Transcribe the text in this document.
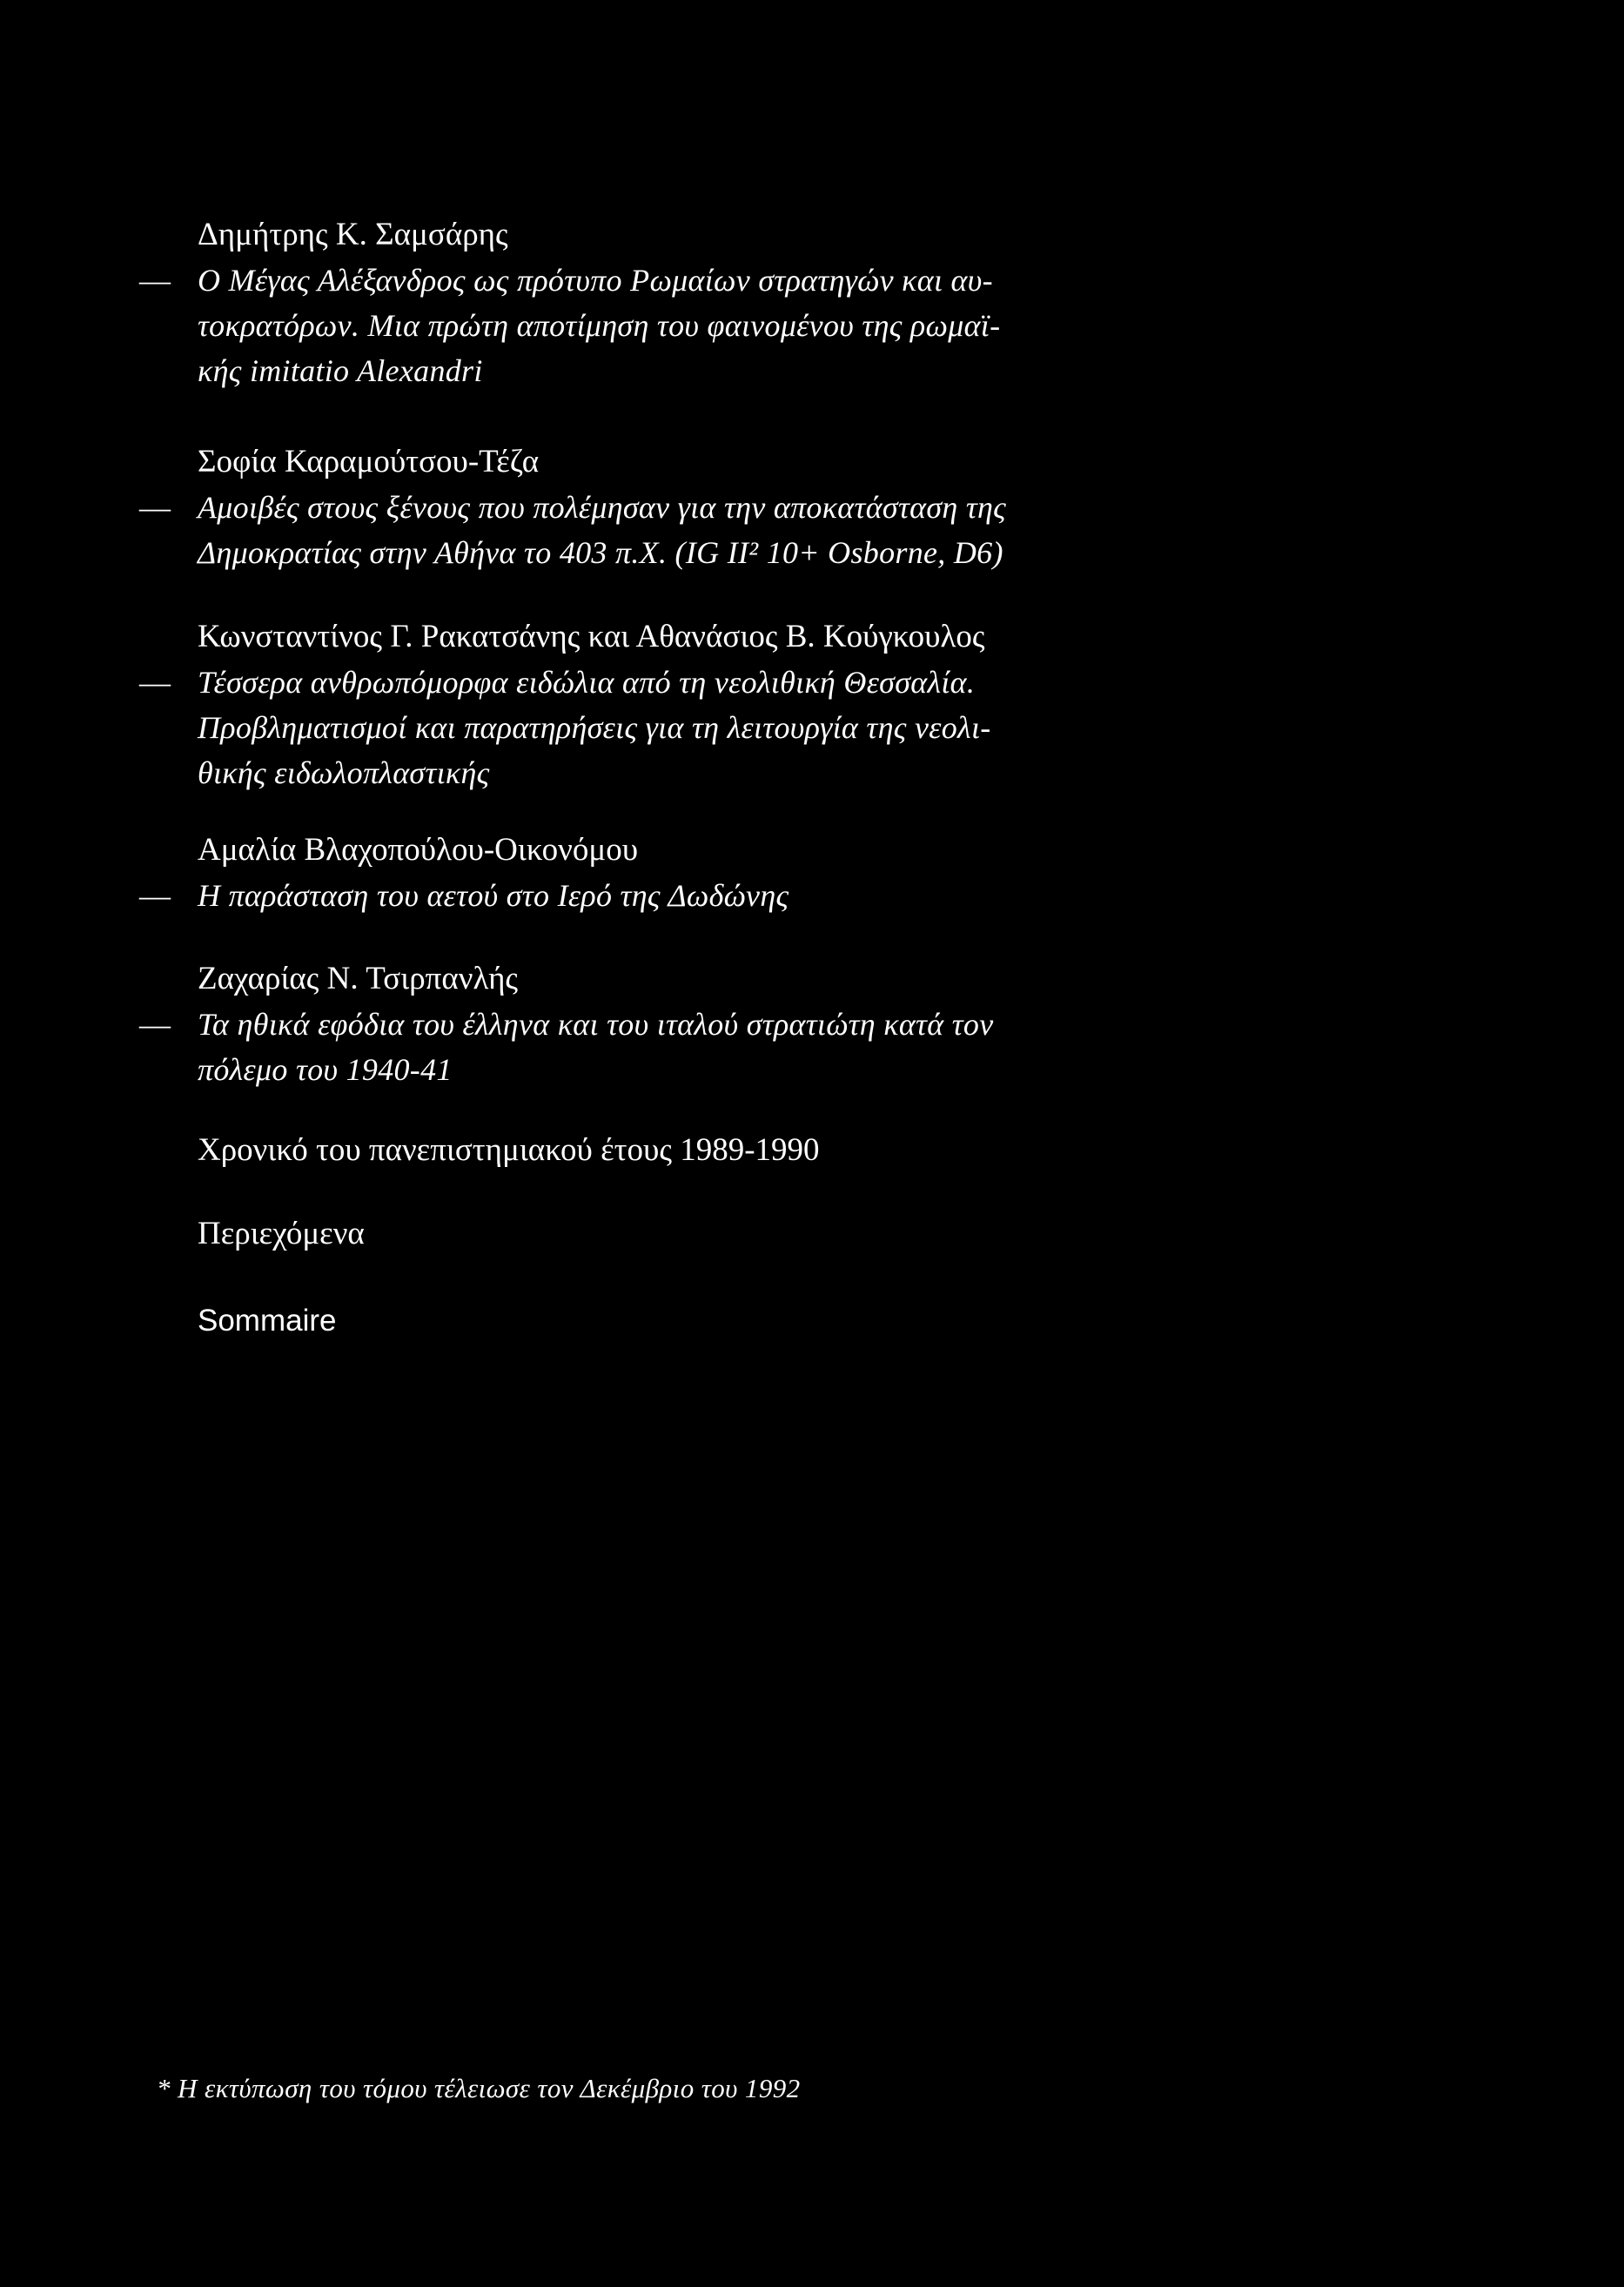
Δημήτρης Κ. Σαμσάρης
— Ο Μέγας Αλέξανδρος ως πρότυπο Ρωμαίων στρατηγών και αυ-
τοκρατόρων. Μια πρώτη αποτίμηση του φαινομένου της ρωμαϊ-
κής imitatio Alexandri
Σοφία Καραμούτσου-Τέζα
— Αμοιβές στους ξένους που πολέμησαν για την αποκατάσταση της
Δημοκρατίας στην Αθήνα το 403 π.Χ. (IG II² 10+ Osborne, D6)
Κωνσταντίνος Γ. Ρακατσάνης και Αθανάσιος Β. Κούγκουλος
— Τέσσερα ανθρωπόμορφα ειδώλια από τη νεολιθική Θεσσαλία.
Προβληματισμοί και παρατηρήσεις για τη λειτουργία της νεολι-
θικής ειδωλοπλαστικής
Αμαλία Βλαχοπούλου-Οικονόμου
— Η παράσταση του αετού στο Ιερό της Δωδώνης
Ζαχαρίας Ν. Τσιρπανλής
— Τα ηθικά εφόδια του έλληνα και του ιταλού στρατιώτη κατά τον
πόλεμο του 1940-41
Χρονικό του πανεπιστημιακού έτους 1989-1990
Περιεχόμενα
Sommaire
* Η εκτύπωση του τόμου τέλειωσε τον Δεκέμβριο του 1992
